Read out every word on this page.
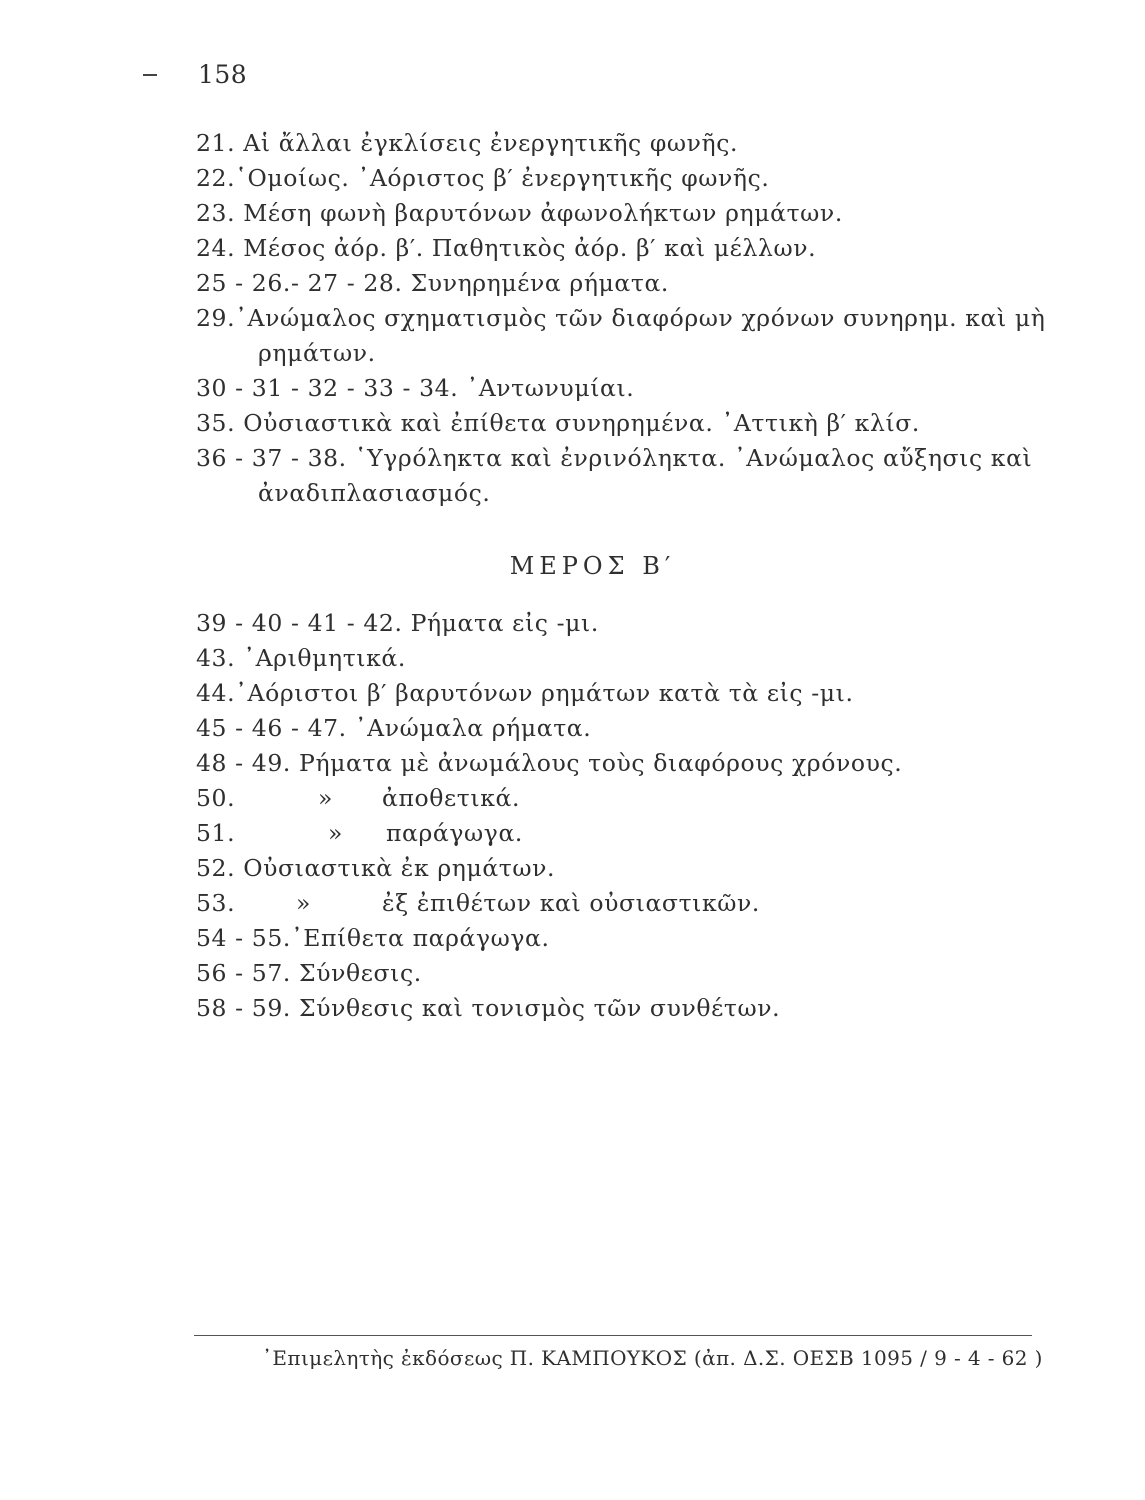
158
21. Αἱ ἄλλαι ἐγκλίσεις ἐνεργητικῆς φωνῆς.
22.῾Ομοίως. ᾿Αόριστος β′ ἐνεργητικῆς φωνῆς.
23. Μέση φωνὴ βαρυτόνων ἀφωνολήκτων ρημάτων.
24. Μέσος ἀόρ. β′. Παθητικὸς ἀόρ. β′ καὶ μέλλων.
25 - 26.- 27 - 28. Συνηρημένα ρήματα.
29.᾿Ανώμαλος σχηματισμὸς τῶν διαφόρων χρόνων συνηρημ. καὶ μὴ
ρημάτων.
30 - 31 - 32 - 33 - 34. ᾿Αντωνυμίαι.
35. Οὐσιαστικὰ καὶ ἐπίθετα συνηρημένα. ᾿Αττικὴ β′ κλίσ.
36 - 37 - 38. ῾Υγρόληκτα καὶ ἐνρινόληκτα. ᾿Ανώμαλος αὔξησις καὶ
ἀναδιπλασιασμός.
ΜΕΡΟΣ Β′
39 - 40 - 41 - 42. Ρήματα εἰς -μι.
43. ᾿Αριθμητικά.
44.᾿Αόριστοι β′ βαρυτόνων ρημάτων κατὰ τὰ εἰς -μι.
45 - 46 - 47. ᾿Ανώμαλα ρήματα.
48 - 49. Ρήματα μὲ ἀνωμάλους τοὺς διαφόρους χρόνους.
50.	» ἀποθετικά.
51.	» παράγωγα.
52. Οὐσιαστικὰ ἐκ ρημάτων.
53.	»	ἐξ ἐπιθέτων καὶ οὐσιαστικῶν.
54 - 55.᾿Επίθετα παράγωγα.
56 - 57. Σύνθεσις.
58 - 59. Σύνθεσις καὶ τονισμὸς τῶν συνθέτων.
᾿Επιμελητὴς ἐκδόσεως Π. ΚΑΜΠΟΥΚΟΣ (ἀπ. Δ.Σ. ΟΕΣΒ 1095 / 9 - 4 - 62 )
